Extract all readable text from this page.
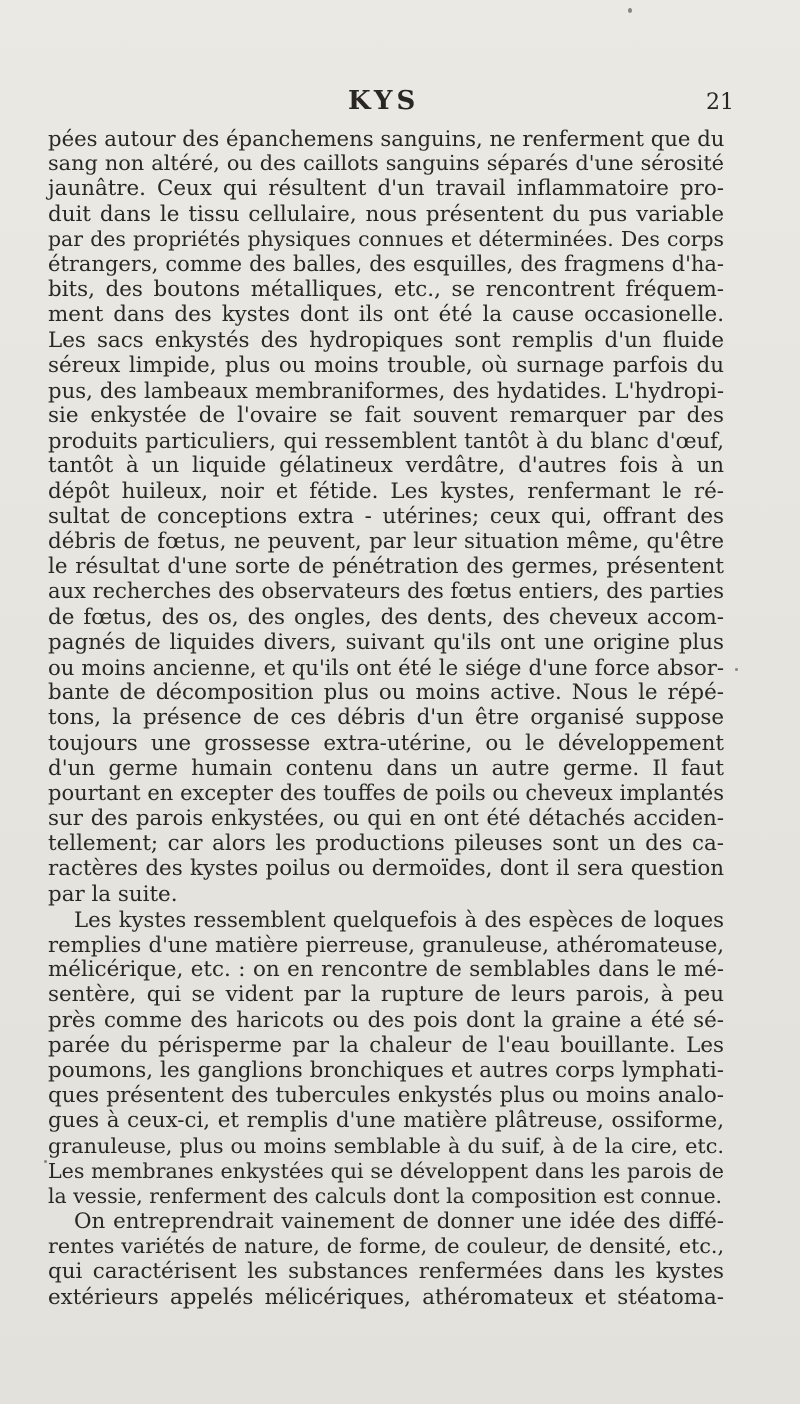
KYS	21
pées autour des épanchemens sanguins, ne renferment que du
sang non altéré, ou des caillots sanguins séparés d'une sérosité
jaunâtre. Ceux qui résultent d'un travail inflammatoire pro-
duit dans le tissu cellulaire, nous présentent du pus variable
par des propriétés physiques connues et déterminées. Des corps
étrangers, comme des balles, des esquilles, des fragmens d'ha-
bits, des boutons métalliques, etc., se rencontrent fréquem-
ment dans des kystes dont ils ont été la cause occasionelle.
Les sacs enkystés des hydropiques sont remplis d'un fluide
séreux limpide, plus ou moins trouble, où surnage parfois du
pus, des lambeaux membraniformes, des hydatides. L'hydropi-
sie enkystée de l'ovaire se fait souvent remarquer par des
produits particuliers, qui ressemblent tantôt à du blanc d'œuf,
tantôt à un liquide gélatineux verdâtre, d'autres fois à un
dépôt huileux, noir et fétide. Les kystes, renfermant le ré-
sultat de conceptions extra - utérines; ceux qui, offrant des
débris de fœtus, ne peuvent, par leur situation même, qu'être
le résultat d'une sorte de pénétration des germes, présentent
aux recherches des observateurs des fœtus entiers, des parties
de fœtus, des os, des ongles, des dents, des cheveux accom-
pagnés de liquides divers, suivant qu'ils ont une origine plus
ou moins ancienne, et qu'ils ont été le siége d'une force absor-
bante de décomposition plus ou moins active. Nous le répé-
tons, la présence de ces débris d'un être organisé suppose
toujours une grossesse extra-utérine, ou le développement
d'un germe humain contenu dans un autre germe. Il faut
pourtant en excepter des touffes de poils ou cheveux implantés
sur des parois enkystées, ou qui en ont été détachés acciden-
tellement; car alors les productions pileuses sont un des ca-
ractères des kystes poilus ou dermoïdes, dont il sera question
par la suite.
Les kystes ressemblent quelquefois à des espèces de loques
remplies d'une matière pierreuse, granuleuse, athéromateuse,
mélicérique, etc. : on en rencontre de semblables dans le mé-
sentère, qui se vident par la rupture de leurs parois, à peu
près comme des haricots ou des pois dont la graine a été sé-
parée du périsperme par la chaleur de l'eau bouillante. Les
poumons, les ganglions bronchiques et autres corps lymphati-
ques présentent des tubercules enkystés plus ou moins analo-
gues à ceux-ci, et remplis d'une matière plâtreuse, ossiforme,
granuleuse, plus ou moins semblable à du suif, à de la cire, etc.
Les membranes enkystées qui se développent dans les parois de
la vessie, renferment des calculs dont la composition est connue.
On entreprendrait vainement de donner une idée des diffé-
rentes variétés de nature, de forme, de couleur, de densité, etc.,
qui caractérisent les substances renfermées dans les kystes
extérieurs appelés mélicériques, athéromateux et stéatoma-
